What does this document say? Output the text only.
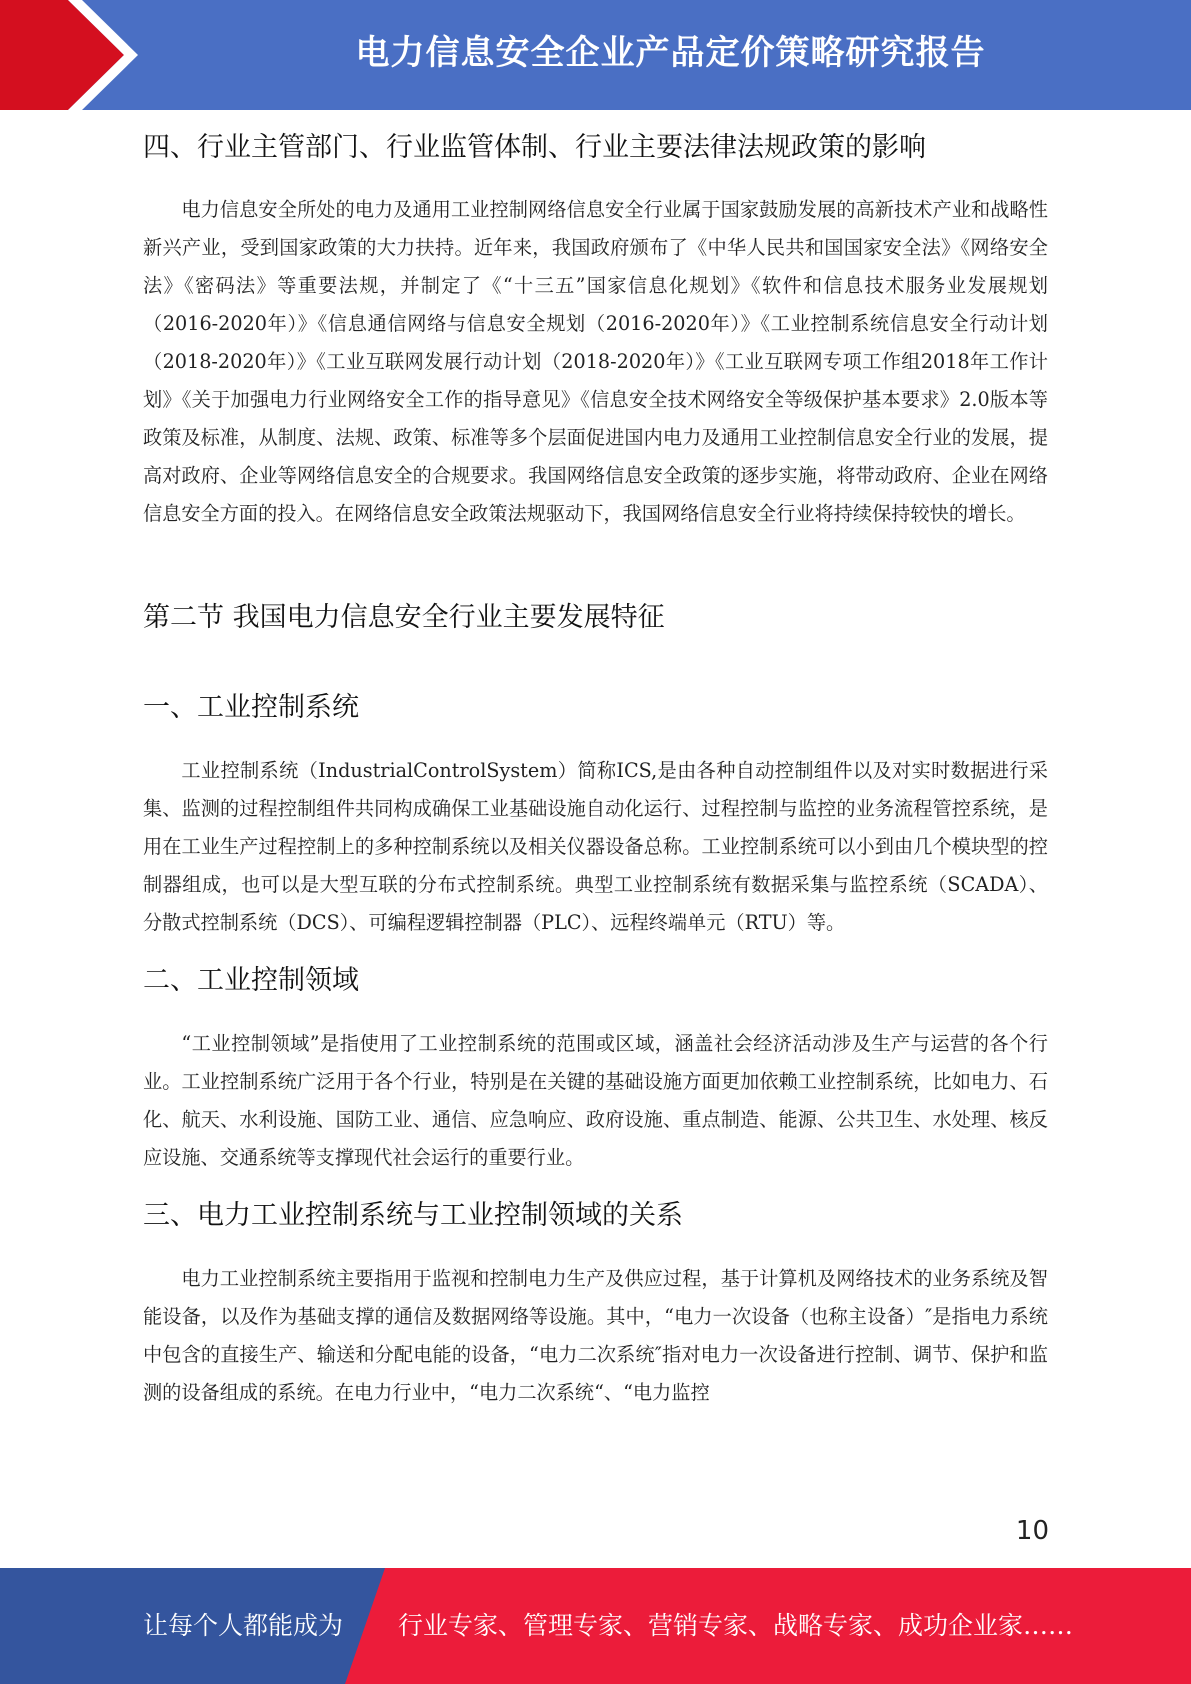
电力信息安全企业产品定价策略研究报告
四、行业主管部门、行业监管体制、行业主要法律法规政策的影响

电力信息安全所处的电力及通用工业控制网络信息安全行业属于国家鼓励发展的高新技术产业和战略性新兴产业，受到国家政策的大力扶持。近年来，我国政府颁布了《中华人民共和国国家安全法》《网络安全法》《密码法》等重要法规，并制定了《“十三五”国家信息化规划》《软件和信息技术服务业发展规划（2016-2020年）》《信息通信网络与信息安全规划（2016-2020年）》《工业控制系统信息安全行动计划（2018-2020年）》《工业互联网发展行动计划（2018-2020年）》《工业互联网专项工作组2018年工作计划》《关于加强电力行业网络安全工作的指导意见》《信息安全技术网络安全等级保护基本要求》2.0版本等政策及标准，从制度、法规、政策、标准等多个层面促进国内电力及通用工业控制信息安全行业的发展，提高对政府、企业等网络信息安全的合规要求。我国网络信息安全政策的逐步实施，将带动政府、企业在网络信息安全方面的投入。在网络信息安全政策法规驱动下，我国网络信息安全行业将持续保持较快的增长。

第二节 我国电力信息安全行业主要发展特征
一、工业控制系统

工业控制系统（IndustrialControlSystem）简称ICS,是由各种自动控制组件以及对实时数据进行采集、监测的过程控制组件共同构成确保工业基础设施自动化运行、过程控制与监控的业务流程管控系统，是用在工业生产过程控制上的多种控制系统以及相关仪器设备总称。工业控制系统可以小到由几个模块型的控制器组成，也可以是大型互联的分布式控制系统。典型工业控制系统有数据采集与监控系统（SCADA）、分散式控制系统（DCS）、可编程逻辑控制器（PLC）、远程终端单元（RTU）等。

二、工业控制领域

“工业控制领域”是指使用了工业控制系统的范围或区域，涵盖社会经济活动涉及生产与运营的各个行业。工业控制系统广泛用于各个行业，特别是在关键的基础设施方面更加依赖工业控制系统，比如电力、石化、航天、水利设施、国防工业、通信、应急响应、政府设施、重点制造、能源、公共卫生、水处理、核反应设施、交通系统等支撑现代社会运行的重要行业。

三、电力工业控制系统与工业控制领域的关系

电力工业控制系统主要指用于监视和控制电力生产及供应过程，基于计算机及网络技术的业务系统及智能设备，以及作为基础支撑的通信及数据网络等设施。其中，“电力一次设备（也称主设备）″是指电力系统中包含的直接生产、输送和分配电能的设备，“电力二次系统″指对电力一次设备进行控制、调节、保护和监测的设备组成的系统。在电力行业中，“电力二次系统“、“电力监控

10
让每个人都能成为 行业专家、管理专家、营销专家、战略专家、成功企业家……
